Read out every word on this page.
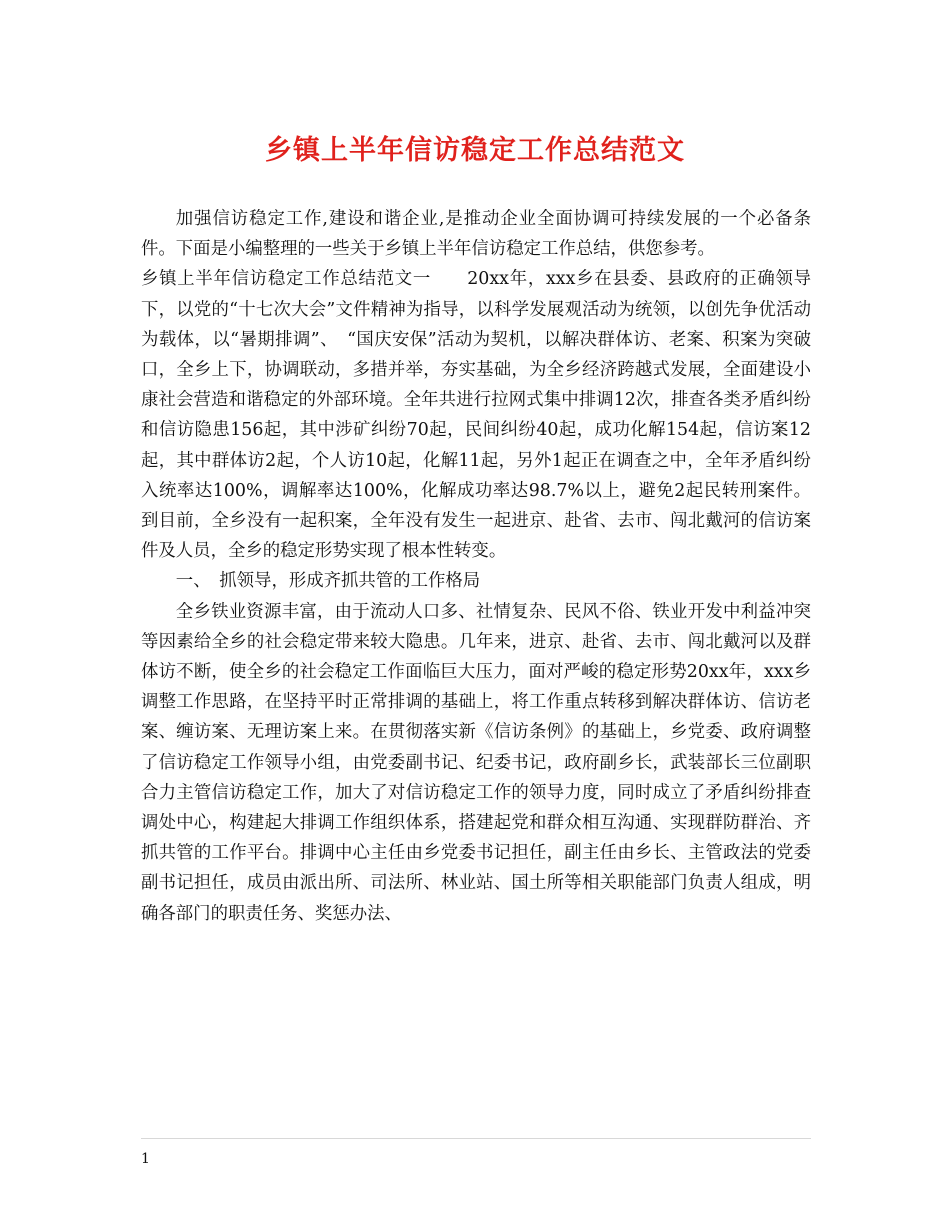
乡镇上半年信访稳定工作总结范文

加强信访稳定工作,建设和谐企业,是推动企业全面协调可持续发展的一个必备条件。下面是小编整理的一些关于乡镇上半年信访稳定工作总结，供您参考。

乡镇上半年信访稳定工作总结范文一　　20xx年，xxx乡在县委、县政府的正确领导下，以党的“十七次大会”文件精神为指导，以科学发展观活动为统领，以创先争优活动为载体，以“暑期排调”、　“国庆安保”活动为契机，以解决群体访、老案、积案为突破口，全乡上下，协调联动，多措并举，夯实基础，为全乡经济跨越式发展，全面建设小康社会营造和谐稳定的外部环境。全年共进行拉网式集中排调12次，排查各类矛盾纠纷和信访隐患156起，其中涉矿纠纷70起，民间纠纷40起，成功化解154起，信访案12起，其中群体访2起，个人访10起，化解11起，另外1起正在调查之中，全年矛盾纠纷入统率达100%，调解率达100%，化解成功率达98.7%以上，避免2起民转刑案件。到目前，全乡没有一起积案，全年没有发生一起进京、赴省、去市、闯北戴河的信访案件及人员，全乡的稳定形势实现了根本性转变。

一、　抓领导，形成齐抓共管的工作格局

全乡铁业资源丰富，由于流动人口多、社情复杂、民风不俗、铁业开发中利益冲突等因素给全乡的社会稳定带来较大隐患。几年来，进京、赴省、去市、闯北戴河以及群体访不断，使全乡的社会稳定工作面临巨大压力，面对严峻的稳定形势20xx年，xxx乡调整工作思路，在坚持平时正常排调的基础上，将工作重点转移到解决群体访、信访老案、缠访案、无理访案上来。在贯彻落实新《信访条例》的基础上，乡党委、政府调整了信访稳定工作领导小组，由党委副书记、纪委书记，政府副乡长，武装部长三位副职合力主管信访稳定工作，加大了对信访稳定工作的领导力度，同时成立了矛盾纠纷排查调处中心，构建起大排调工作组织体系，搭建起党和群众相互沟通、实现群防群治、齐抓共管的工作平台。排调中心主任由乡党委书记担任，副主任由乡长、主管政法的党委副书记担任，成员由派出所、司法所、林业站、国土所等相关职能部门负责人组成，明确各部门的职责任务、奖惩办法、

1
